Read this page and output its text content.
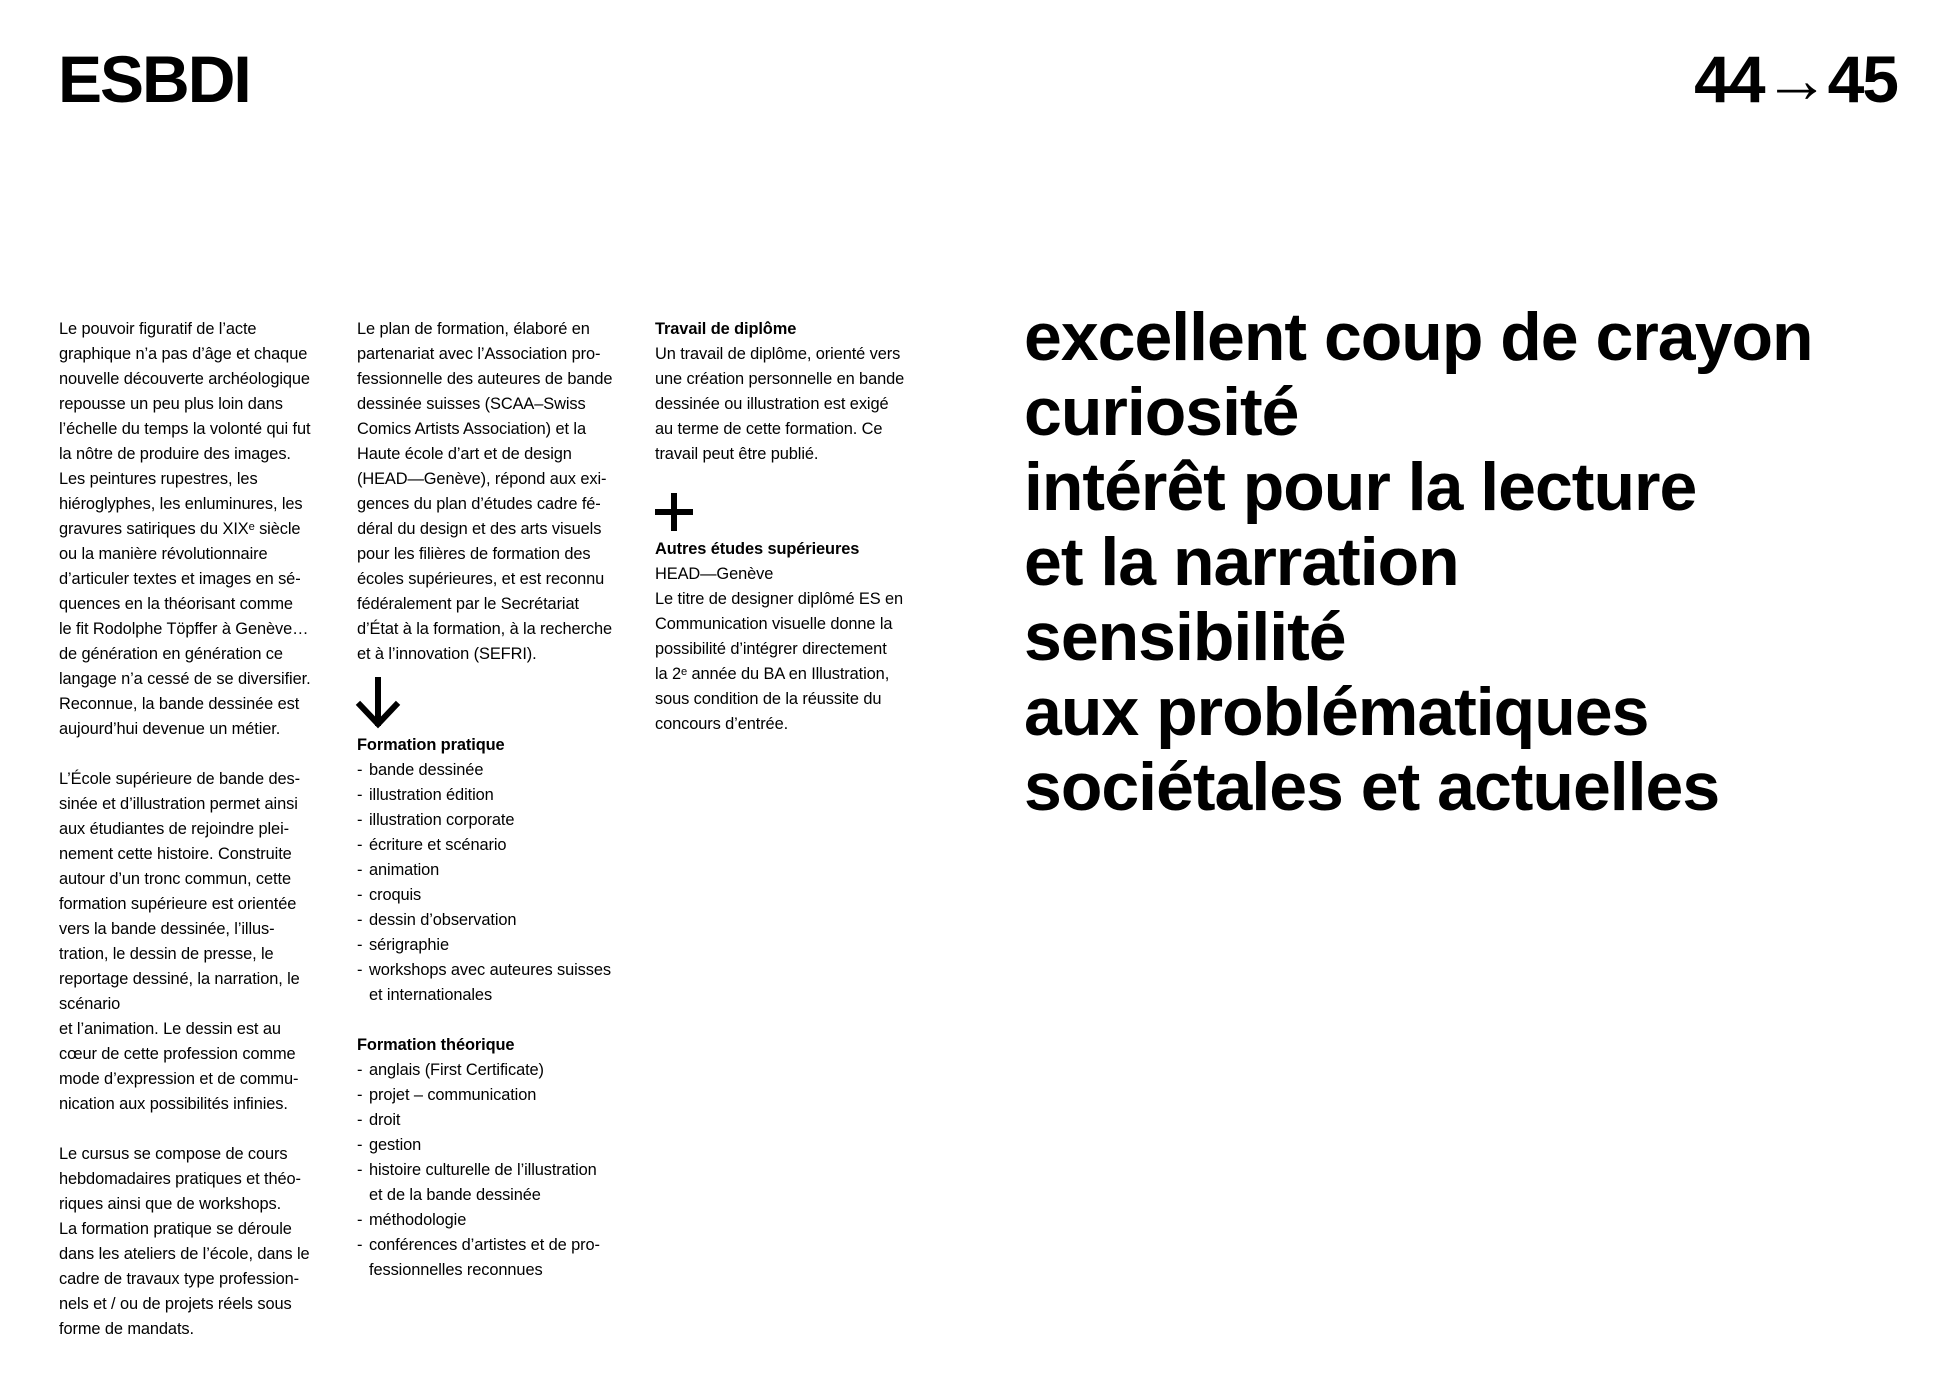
ESBDI	44→45

Le pouvoir figuratif de l’acte
graphique n’a pas d’âge et chaque
nouvelle découverte archéologique
repousse un peu plus loin dans
l’échelle du temps la volonté qui fut
la nôtre de produire des images.
Les peintures rupestres, les
hiéroglyphes, les enluminures, les
gravures satiriques du XIXᵉ siècle
ou la manière révolutionnaire
d’articuler textes et images en sé-
quences en la théorisant comme
le fit Rodolphe Töpffer à Genève…
de génération en génération ce
langage n’a cessé de se diversifier.
Reconnue, la bande dessinée est
aujourd’hui devenue un métier.

L’École supérieure de bande des-
sinée et d’illustration permet ainsi
aux étudiantes de rejoindre plei-
nement cette histoire. Construite
autour d’un tronc commun, cette
formation supérieure est orientée
vers la bande dessinée, l’illus-
tration, le dessin de presse, le
reportage dessiné, la narration, le
scénario
et l’animation. Le dessin est au
cœur de cette profession comme
mode d’expression et de commu-
nication aux possibilités infinies.

Le cursus se compose de cours
hebdomadaires pratiques et théo-
riques ainsi que de workshops.
La formation pratique se déroule
dans les ateliers de l’école, dans le
cadre de travaux type profession-
nels et / ou de projets réels sous
forme de mandats.

Le plan de formation, élaboré en
partenariat avec l’Association pro-
fessionnelle des auteures de bande
dessinée suisses (SCAA–Swiss
Comics Artists Association) et la
Haute école d’art et de design
(HEAD—Genève), répond aux exi-
gences du plan d’études cadre fé-
déral du design et des arts visuels
pour les filières de formation des
écoles supérieures, et est reconnu
fédéralement par le Secrétariat
d’État à la formation, à la recherche
et à l’innovation (SEFRI).

Formation pratique
- bande dessinée
- illustration édition
- illustration corporate
- écriture et scénario
- animation
- croquis
- dessin d’observation
- sérigraphie
- workshops avec auteures suisses
et internationales
Formation théorique
- anglais (First Certificate)
- projet – communication
- droit
- gestion
- histoire culturelle de l’illustration
et de la bande dessinée
- méthodologie
- conférences d’artistes et de pro-
fessionnelles reconnues
Travail de diplôme

Un travail de diplôme, orienté vers
une création personnelle en bande
dessinée ou illustration est exigé
au terme de cette formation. Ce
travail peut être publié.

Autres études supérieures

HEAD—Genève
Le titre de designer diplômé ES en
Communication visuelle donne la
possibilité d’intégrer directement
la 2ᵉ année du BA en Illustration,
sous condition de la réussite du
concours d’entrée.

excellent coup de crayon
curiosité
intérêt pour la lecture
et la narration
sensibilité
aux problématiques
sociétales et actuelles
